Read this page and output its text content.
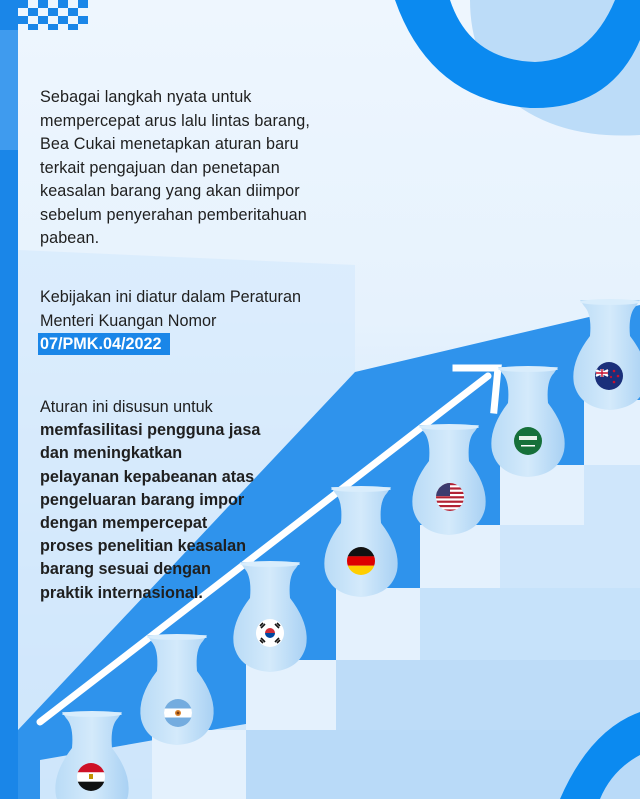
Sebagai langkah nyata untuk
mempercepat arus lalu lintas barang,
Bea Cukai menetapkan aturan baru
terkait pengajuan dan penetapan
keasalan barang yang akan diimpor
sebelum penyerahan pemberitahuan
pabean.
Kebijakan ini diatur dalam Peraturan
Menteri Kuangan Nomor
07/PMK.04/2022
Aturan ini disusun untuk
memfasilitasi pengguna jasa
dan meningkatkan
pelayanan kepabeanan atas
pengeluaran barang impor
dengan mempercepat
proses penelitian keasalan
barang sesuai dengan
praktik internasional.
